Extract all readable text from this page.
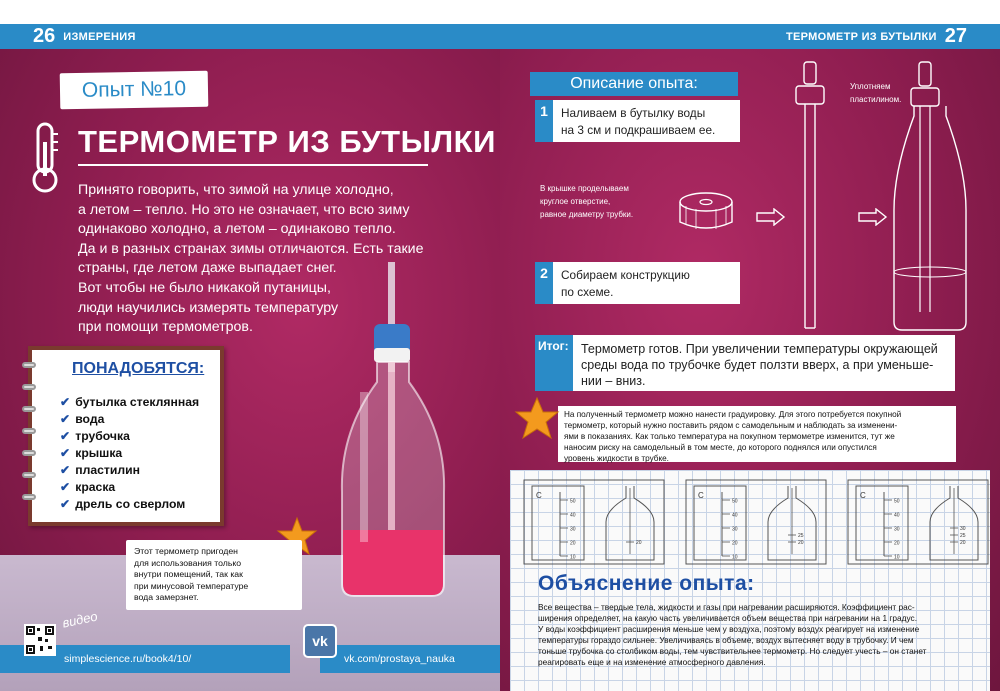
26 ИЗМЕРЕНИЯ
Опыт №10
ТЕРМОМЕТР ИЗ БУТЫЛКИ
Принято говорить, что зимой на улице холодно,
а летом – тепло. Но это не означает, что всю зиму
одинаково холодно, а летом – одинаково тепло.
Да и в разных странах зимы отличаются. Есть такие
страны, где летом даже выпадает снег.
Вот чтобы не было никакой путаницы,
люди научились измерять температуру
при помощи термометров.
ПОНАДОБЯТСЯ:
✔ бутылка стеклянная
✔ вода
✔ трубочка
✔ крышка
✔ пластилин
✔ краска
✔ дрель со сверлом
Этот термометр пригоден
для использования только
внутри помещений, так как
при минусовой температуре
вода замерзнет.
simplescience.ru/book4/10/
видео
vk.com/prostaya_nauka
vk
ТЕРМОМЕТР ИЗ БУТЫЛКИ 27
Описание опыта:
1	Наливаем в бутылку воды
на 3 см и подкрашиваем ее.
В крышке проделываем
круглое отверстие,
равное диаметру трубки.
Уплотняем
пластилином.
2	Собираем конструкцию
по схеме.
Итог: Термометр готов. При увеличении температуры окружающей
среды вода по трубочке будет ползти вверх, а при уменьше-
нии – вниз.
На полученный термометр можно нанести градуировку. Для этого потребуется покупной
термометр, который нужно поставить рядом с самодельным и наблюдать за изменени-
ями в показаниях. Как только температура на покупном термометре изменится, тут же
наносим риску на самодельный в том месте, до которого поднялся или опустился
уровень жидкости в трубке.
C
50
40
30
20
10
20
C
50
40
30
20
10
25
20
C
50
40
30
20
10
30
25
20
Объяснение опыта:
Все вещества – твердые тела, жидкости и газы при нагревании расширяются. Коэффициент рас-
ширения определяет, на какую часть увеличивается объем вещества при нагревании на 1 градус.
У воды коэффициент расширения меньше чем у воздуха, поэтому воздух реагирует на изменение
температуры гораздо сильнее. Увеличиваясь в объеме, воздух вытесняет воду в трубочку. И чем
тоньше трубочка со столбиком воды, тем чувствительнее термометр. Но следует учесть – он станет
реагировать еще и на изменение атмосферного давления.
